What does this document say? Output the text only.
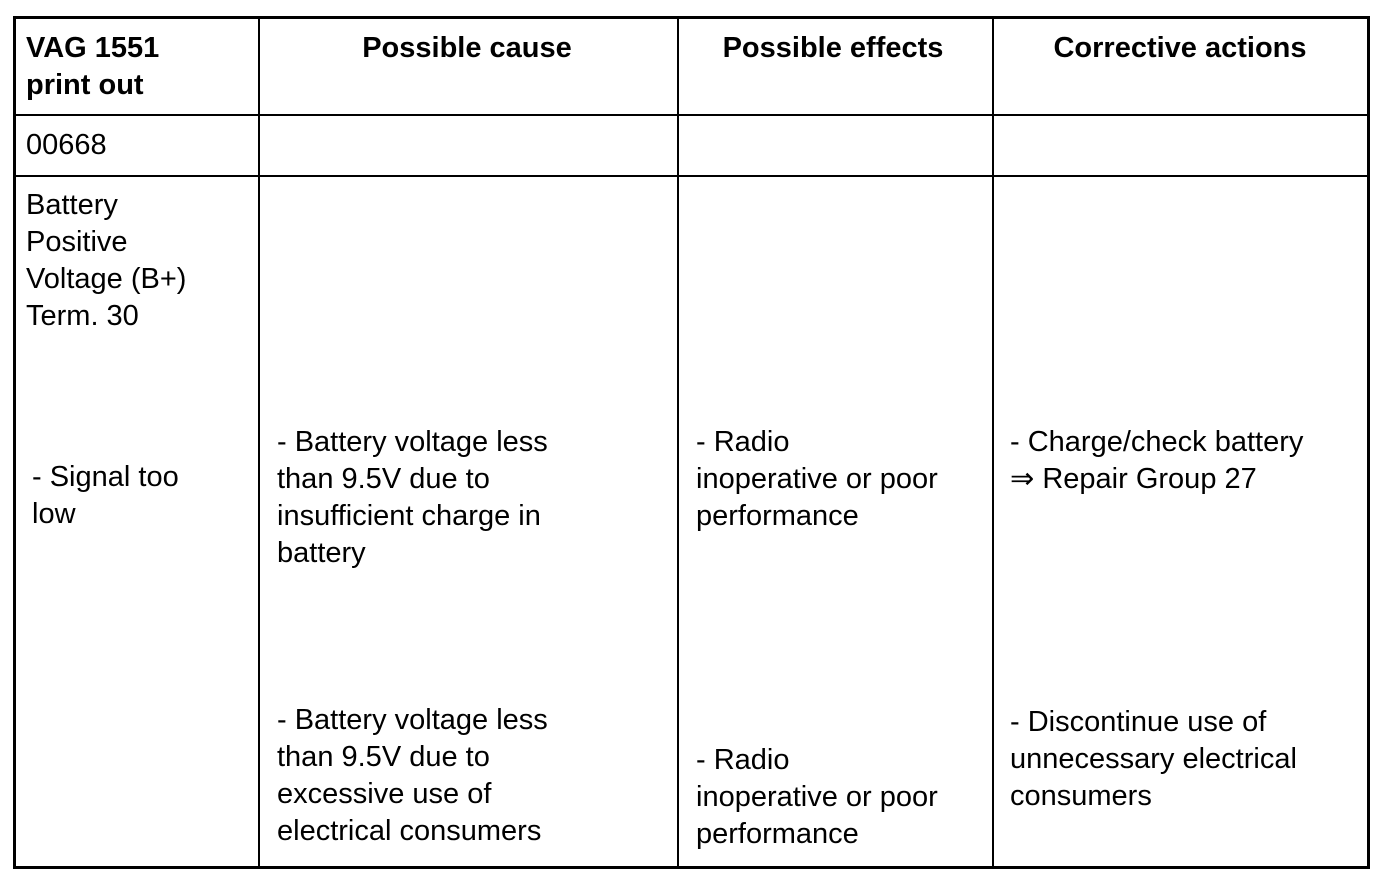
VAG 1551
print out
Possible cause	Possible effects	Corrective actions
00668
Battery
Positive
Voltage (B+)
Term. 30
- Signal too
low
- Battery voltage less
than 9.5V due to
insufficient charge in
battery
- Radio
inoperative or poor
performance
- Charge/check battery
⇒ Repair Group 27
- Battery voltage less
than 9.5V due to
excessive use of
electrical consumers
- Radio
inoperative or poor
performance
- Discontinue use of
unnecessary electrical
consumers
